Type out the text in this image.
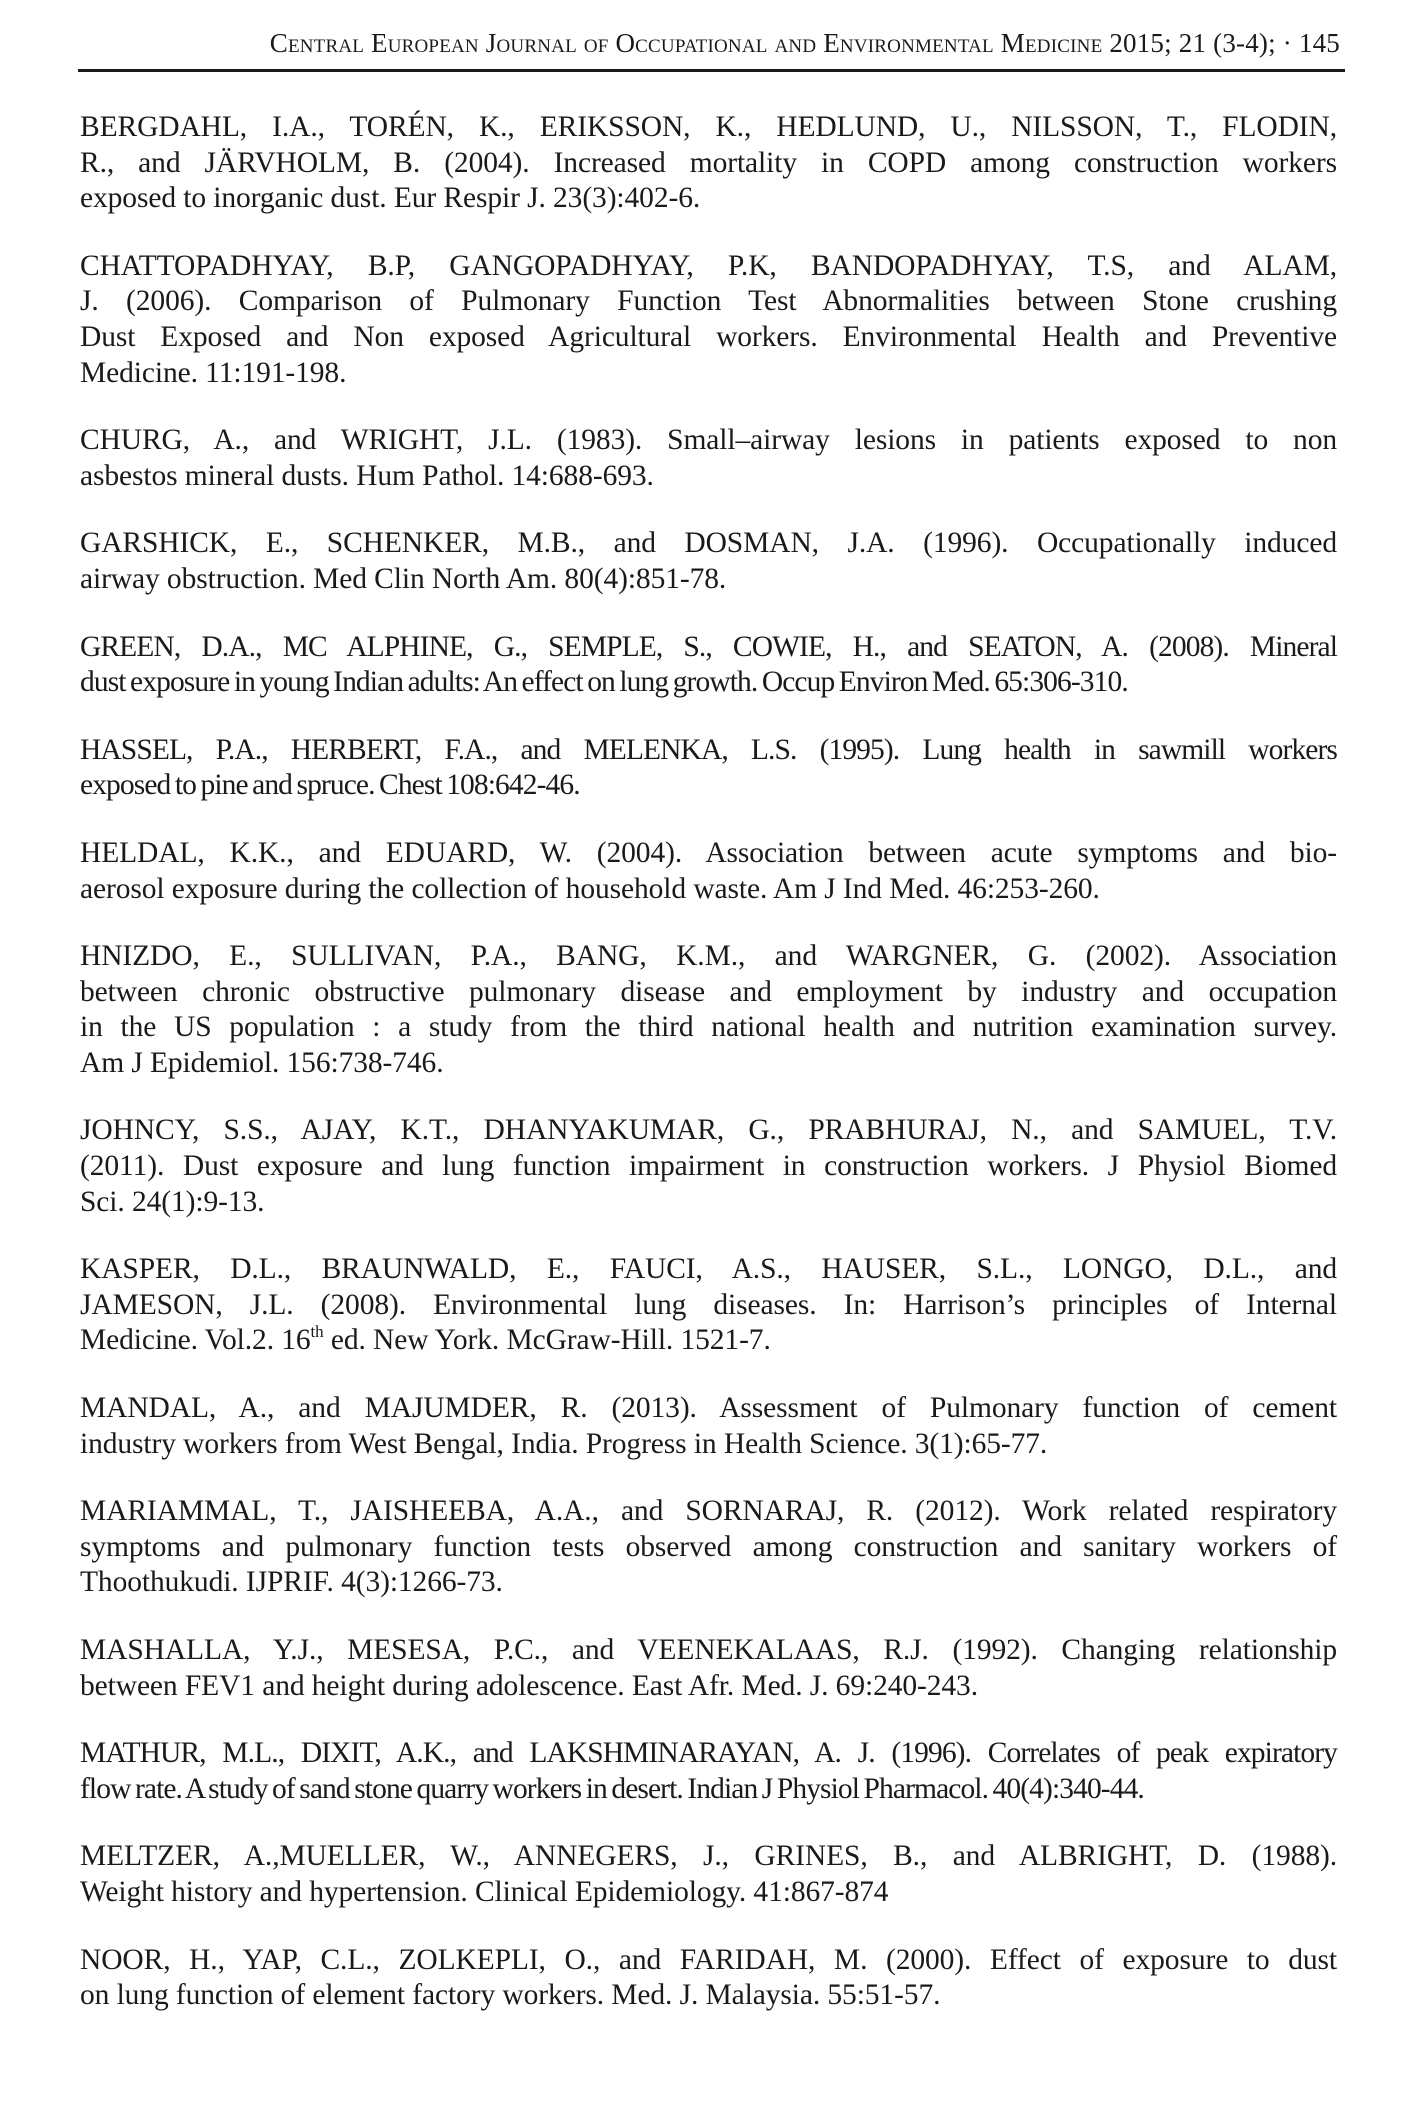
Central European Journal of Occupational and Environmental Medicine 2015; 21 (3-4); · 145

BERGDAHL, I.A., TORÉN, K., ERIKSSON, K., HEDLUND, U., NILSSON, T., FLODIN,
R., and JÄRVHOLM, B. (2004). Increased mortality in COPD among construction workers
exposed to inorganic dust. Eur Respir J. 23(3):402-6.

CHATTOPADHYAY, B.P, GANGOPADHYAY, P.K, BANDOPADHYAY, T.S, and ALAM,
J. (2006). Comparison of Pulmonary Function Test Abnormalities between Stone crushing
Dust Exposed and Non exposed Agricultural workers. Environmental Health and Preventive
Medicine. 11:191-198.

CHURG, A., and WRIGHT, J.L. (1983). Small–airway lesions in patients exposed to non
asbestos mineral dusts. Hum Pathol. 14:688-693.

GARSHICK, E., SCHENKER, M.B., and DOSMAN, J.A. (1996). Occupationally induced
airway obstruction. Med Clin North Am. 80(4):851-78.

GREEN, D.A., MC ALPHINE, G., SEMPLE, S., COWIE, H., and SEATON, A. (2008). Mineral
dust exposure in young Indian adults: An effect on lung growth. Occup Environ Med. 65:306-310.

HASSEL, P.A., HERBERT, F.A., and MELENKA, L.S. (1995). Lung health in sawmill workers
exposed to pine and spruce. Chest 108:642-46.

HELDAL, K.K., and EDUARD, W. (2004). Association between acute symptoms and bio-
aerosol exposure during the collection of household waste. Am J Ind Med. 46:253-260.

HNIZDO, E., SULLIVAN, P.A., BANG, K.M., and WARGNER, G. (2002). Association
between chronic obstructive pulmonary disease and employment by industry and occupation
in the US population : a study from the third national health and nutrition examination survey.
Am J Epidemiol. 156:738-746.

JOHNCY, S.S., AJAY, K.T., DHANYAKUMAR, G., PRABHURAJ, N., and SAMUEL, T.V.
(2011). Dust exposure and lung function impairment in construction workers. J Physiol Biomed
Sci. 24(1):9-13.

KASPER, D.L., BRAUNWALD, E., FAUCI, A.S., HAUSER, S.L., LONGO, D.L., and
JAMESON, J.L. (2008). Environmental lung diseases. In: Harrison’s principles of Internal
Medicine. Vol.2. 16th ed. New York. McGraw-Hill. 1521-7.

MANDAL, A., and MAJUMDER, R. (2013). Assessment of Pulmonary function of cement
industry workers from West Bengal, India. Progress in Health Science. 3(1):65-77.

MARIAMMAL, T., JAISHEEBA, A.A., and SORNARAJ, R. (2012). Work related respiratory
symptoms and pulmonary function tests observed among construction and sanitary workers of
Thoothukudi. IJPRIF. 4(3):1266-73.

MASHALLA, Y.J., MESESA, P.C., and VEENEKALAAS, R.J. (1992). Changing relationship
between FEV1 and height during adolescence. East Afr. Med. J. 69:240-243.

MATHUR, M.L., DIXIT, A.K., and LAKSHMINARAYAN, A. J. (1996). Correlates of peak expiratory
flow rate. A study of sand stone quarry workers in desert. Indian J Physiol Pharmacol. 40(4):340-44.

MELTZER, A.,MUELLER, W., ANNEGERS, J., GRINES, B., and ALBRIGHT, D. (1988).
Weight history and hypertension. Clinical Epidemiology. 41:867-874

NOOR, H., YAP, C.L., ZOLKEPLI, O., and FARIDAH, M. (2000). Effect of exposure to dust
on lung function of element factory workers. Med. J. Malaysia. 55:51-57.
